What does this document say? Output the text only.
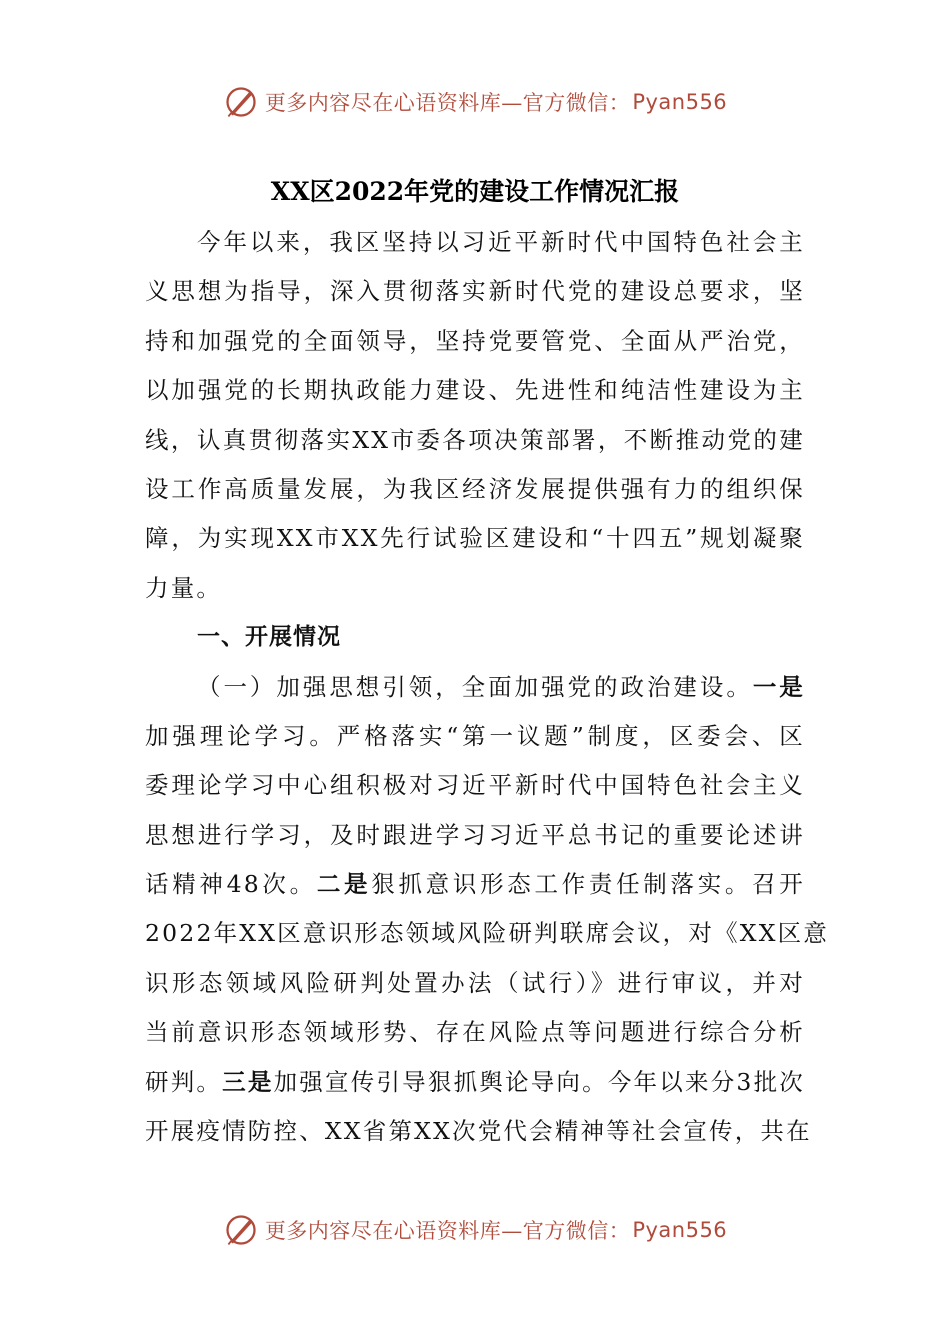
更多内容尽在心语资料库—官方微信： Pyan556
XX区2022年党的建设工作情况汇报
今年以来，我区坚持以习近平新时代中国特色社会主
义思想为指导，深入贯彻落实新时代党的建设总要求，坚
持和加强党的全面领导，坚持党要管党、全面从严治党，
以加强党的长期执政能力建设、先进性和纯洁性建设为主
线，认真贯彻落实XX市委各项决策部署，不断推动党的建
设工作高质量发展，为我区经济发展提供强有力的组织保
障，为实现XX市XX先行试验区建设和“十四五”规划凝聚
力量。
一、开展情况
（一）加强思想引领，全面加强党的政治建设。一是
加强理论学习。严格落实“第一议题”制度，区委会、区
委理论学习中心组积极对习近平新时代中国特色社会主义
思想进行学习，及时跟进学习习近平总书记的重要论述讲
话精神48次。二是狠抓意识形态工作责任制落实。召开
2022年XX区意识形态领域风险研判联席会议，对《XX区意
识形态领域风险研判处置办法（试行）》进行审议，并对
当前意识形态领域形势、存在风险点等问题进行综合分析
研判。三是加强宣传引导狠抓舆论导向。今年以来分3批次
开展疫情防控、XX省第XX次党代会精神等社会宣传，共在
更多内容尽在心语资料库—官方微信： Pyan556
